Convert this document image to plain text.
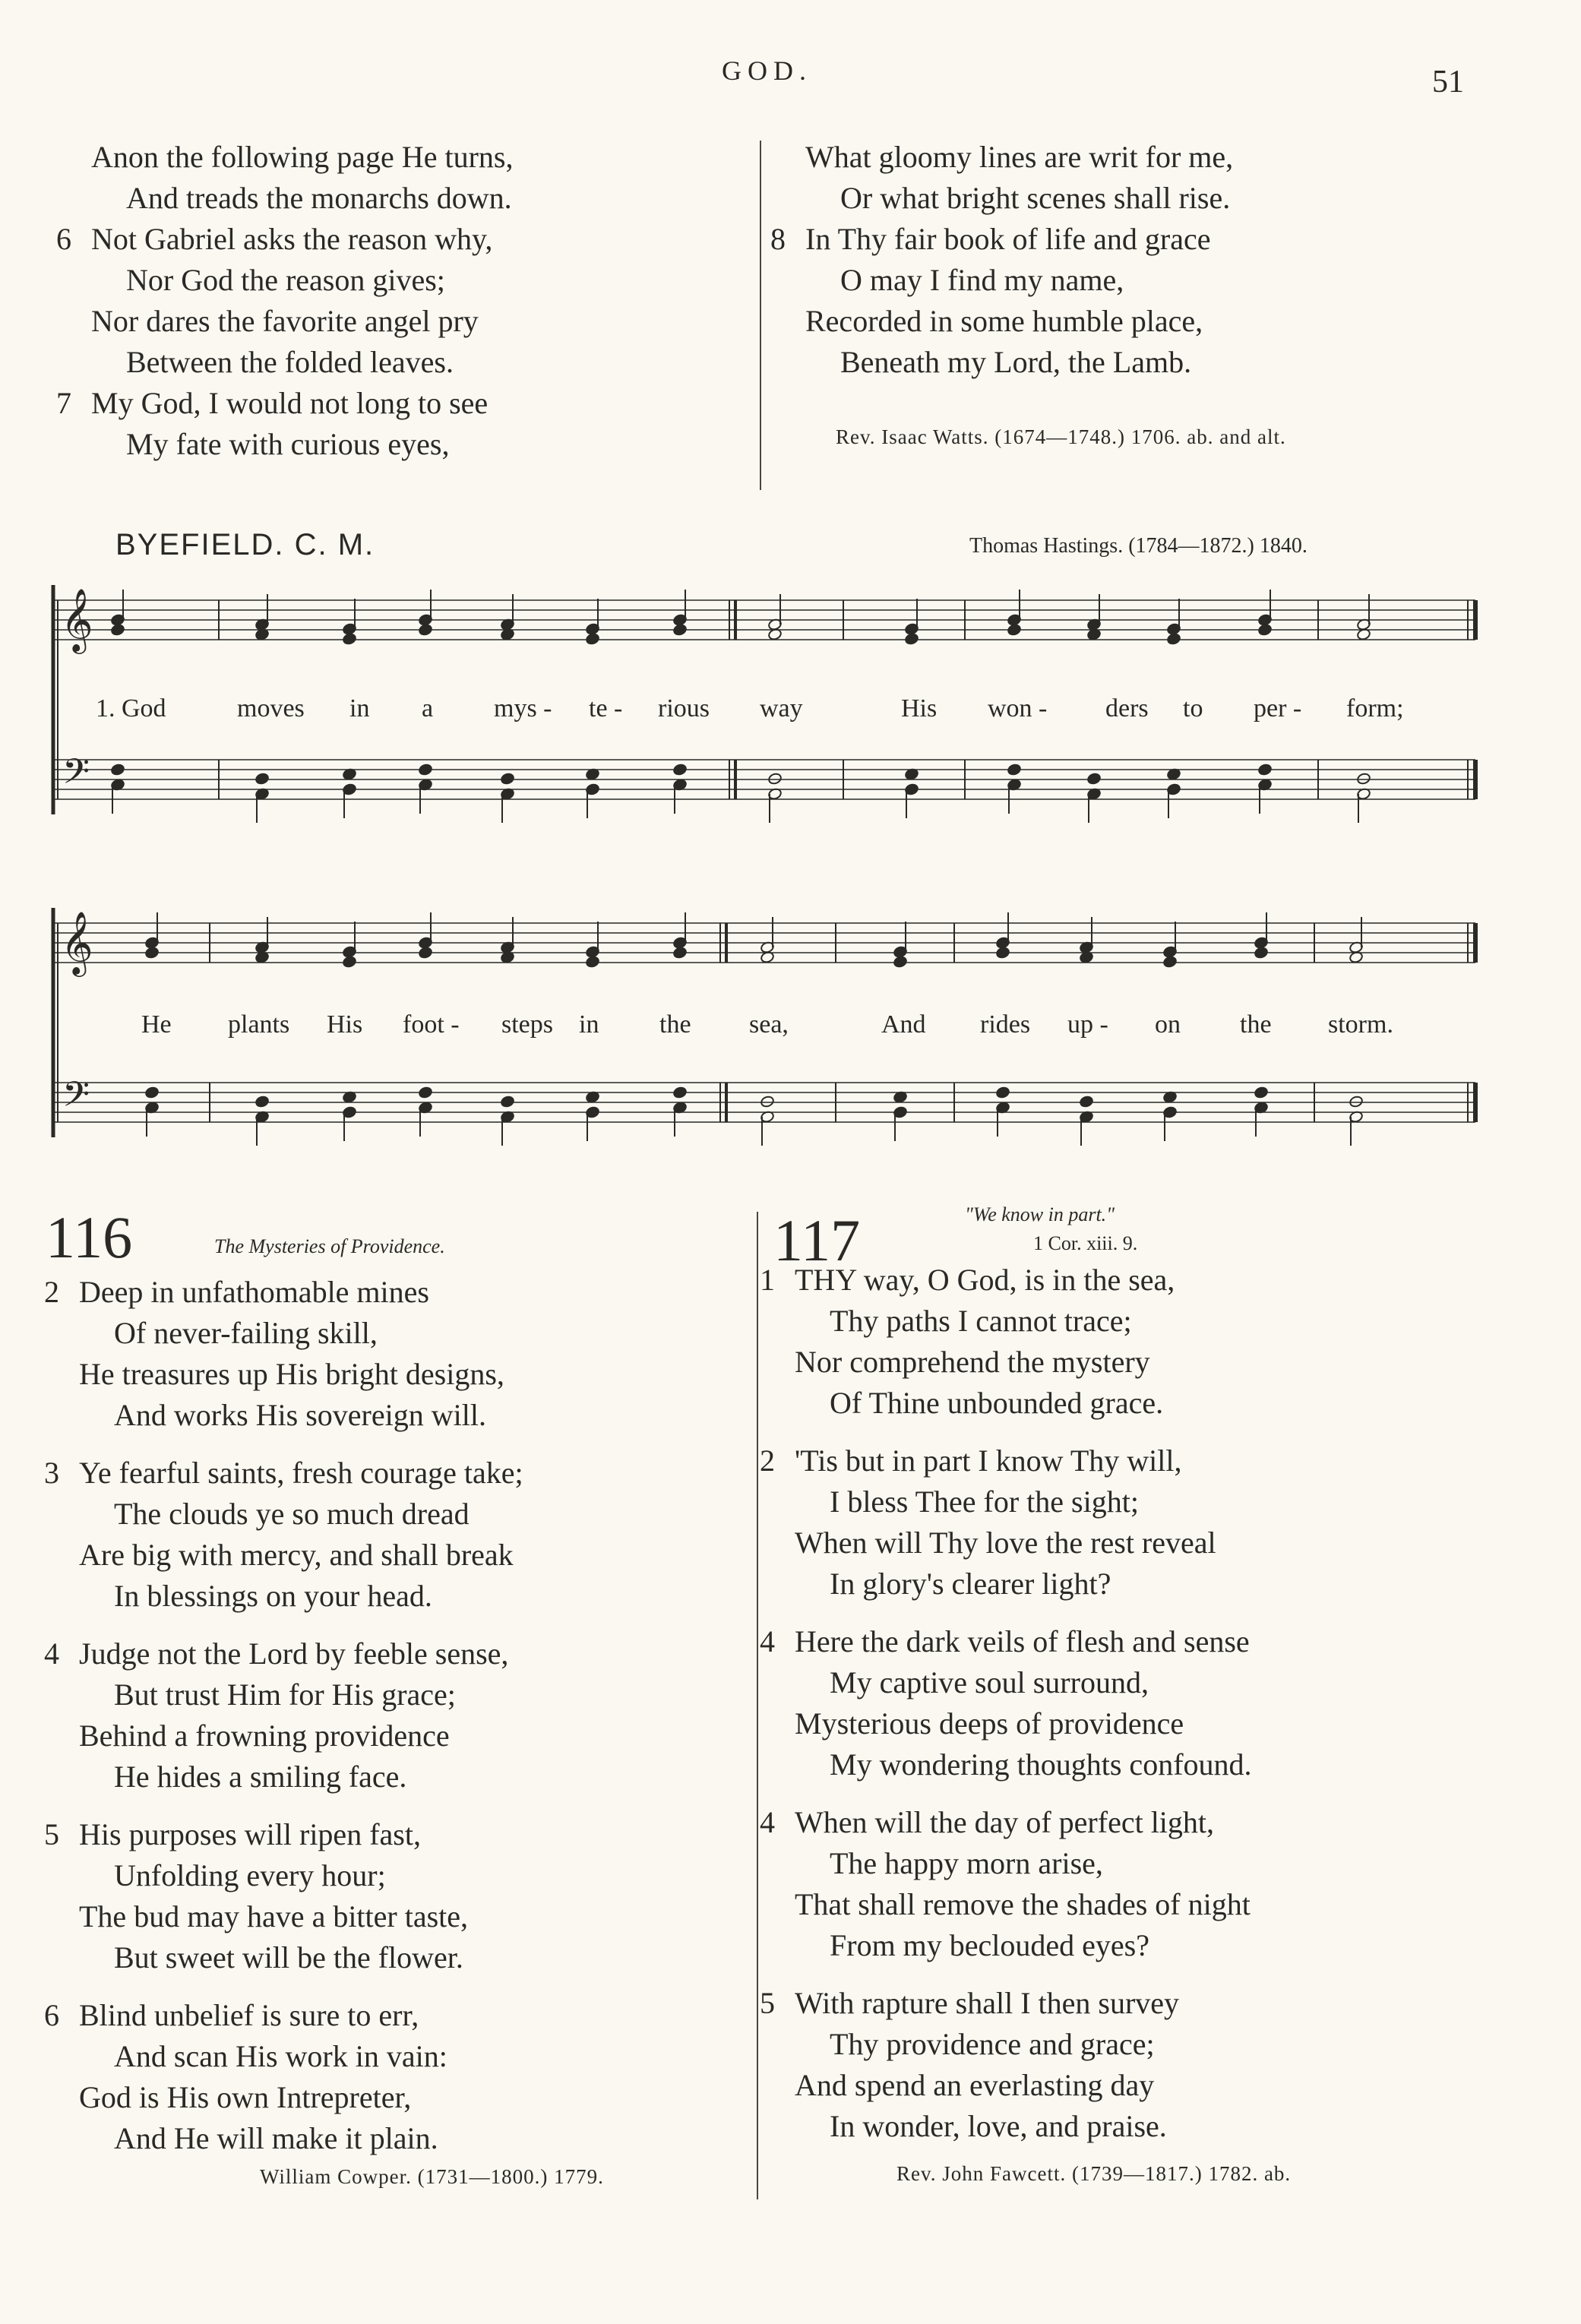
GOD.	51
Anon the following page He turns,
And treads the monarchs down.
6 Not Gabriel asks the reason why,
Nor God the reason gives;
Nor dares the favorite angel pry
Between the folded leaves.
7 My God, I would not long to see
My fate with curious eyes,
What gloomy lines are writ for me,
Or what bright scenes shall rise.
8 In Thy fair book of life and grace
O may I find my name,
Recorded in some humble place,
Beneath my Lord, the Lamb.
Rev. Isaac Watts. (1674—1748.) 1706. ab. and alt.
BYEFIELD. C. M.	Thomas Hastings. (1784—1872.) 1840.
𝄞
𝄢
𝄞
𝄢
1. God	moves in a mys - te - rious way	His won - ders to per - form;
He plants His foot - steps in the sea,	And rides up - on the storm.
116	The Mysteries of Providence.
2 Deep in unfathomable mines
Of never-failing skill,
He treasures up His bright designs,
And works His sovereign will.
3 Ye fearful saints, fresh courage take;
The clouds ye so much dread
Are big with mercy, and shall break
In blessings on your head.
4 Judge not the Lord by feeble sense,
But trust Him for His grace;
Behind a frowning providence
He hides a smiling face.
5 His purposes will ripen fast,
Unfolding every hour;
The bud may have a bitter taste,
But sweet will be the flower.
6 Blind unbelief is sure to err,
And scan His work in vain:
God is His own Intrepreter,
And He will make it plain.
William Cowper. (1731—1800.) 1779.
117	"We know in part."
1 Cor. xiii. 9.
1 THY way, O God, is in the sea,
Thy paths I cannot trace;
Nor comprehend the mystery
Of Thine unbounded grace.
2 'Tis but in part I know Thy will,
I bless Thee for the sight;
When will Thy love the rest reveal
In glory's clearer light?
4 Here the dark veils of flesh and sense
My captive soul surround,
Mysterious deeps of providence
My wondering thoughts confound.
4 When will the day of perfect light,
The happy morn arise,
That shall remove the shades of night
From my beclouded eyes?
5 With rapture shall I then survey
Thy providence and grace;
And spend an everlasting day
In wonder, love, and praise.
Rev. John Fawcett. (1739—1817.) 1782. ab.
